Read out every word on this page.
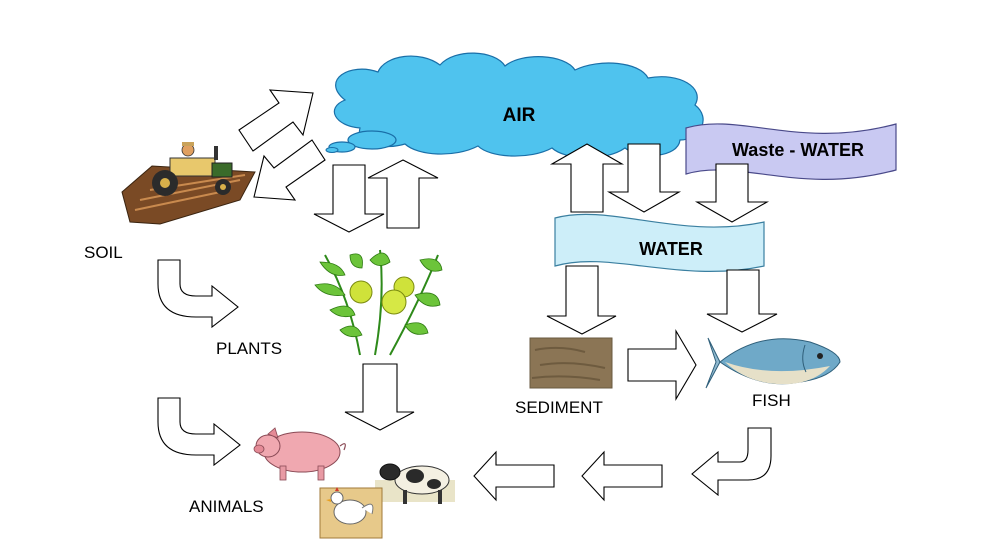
AIR
Waste - WATER
WATER
SOIL
PLANTS
SEDIMENT	FISH
ANIMALS
